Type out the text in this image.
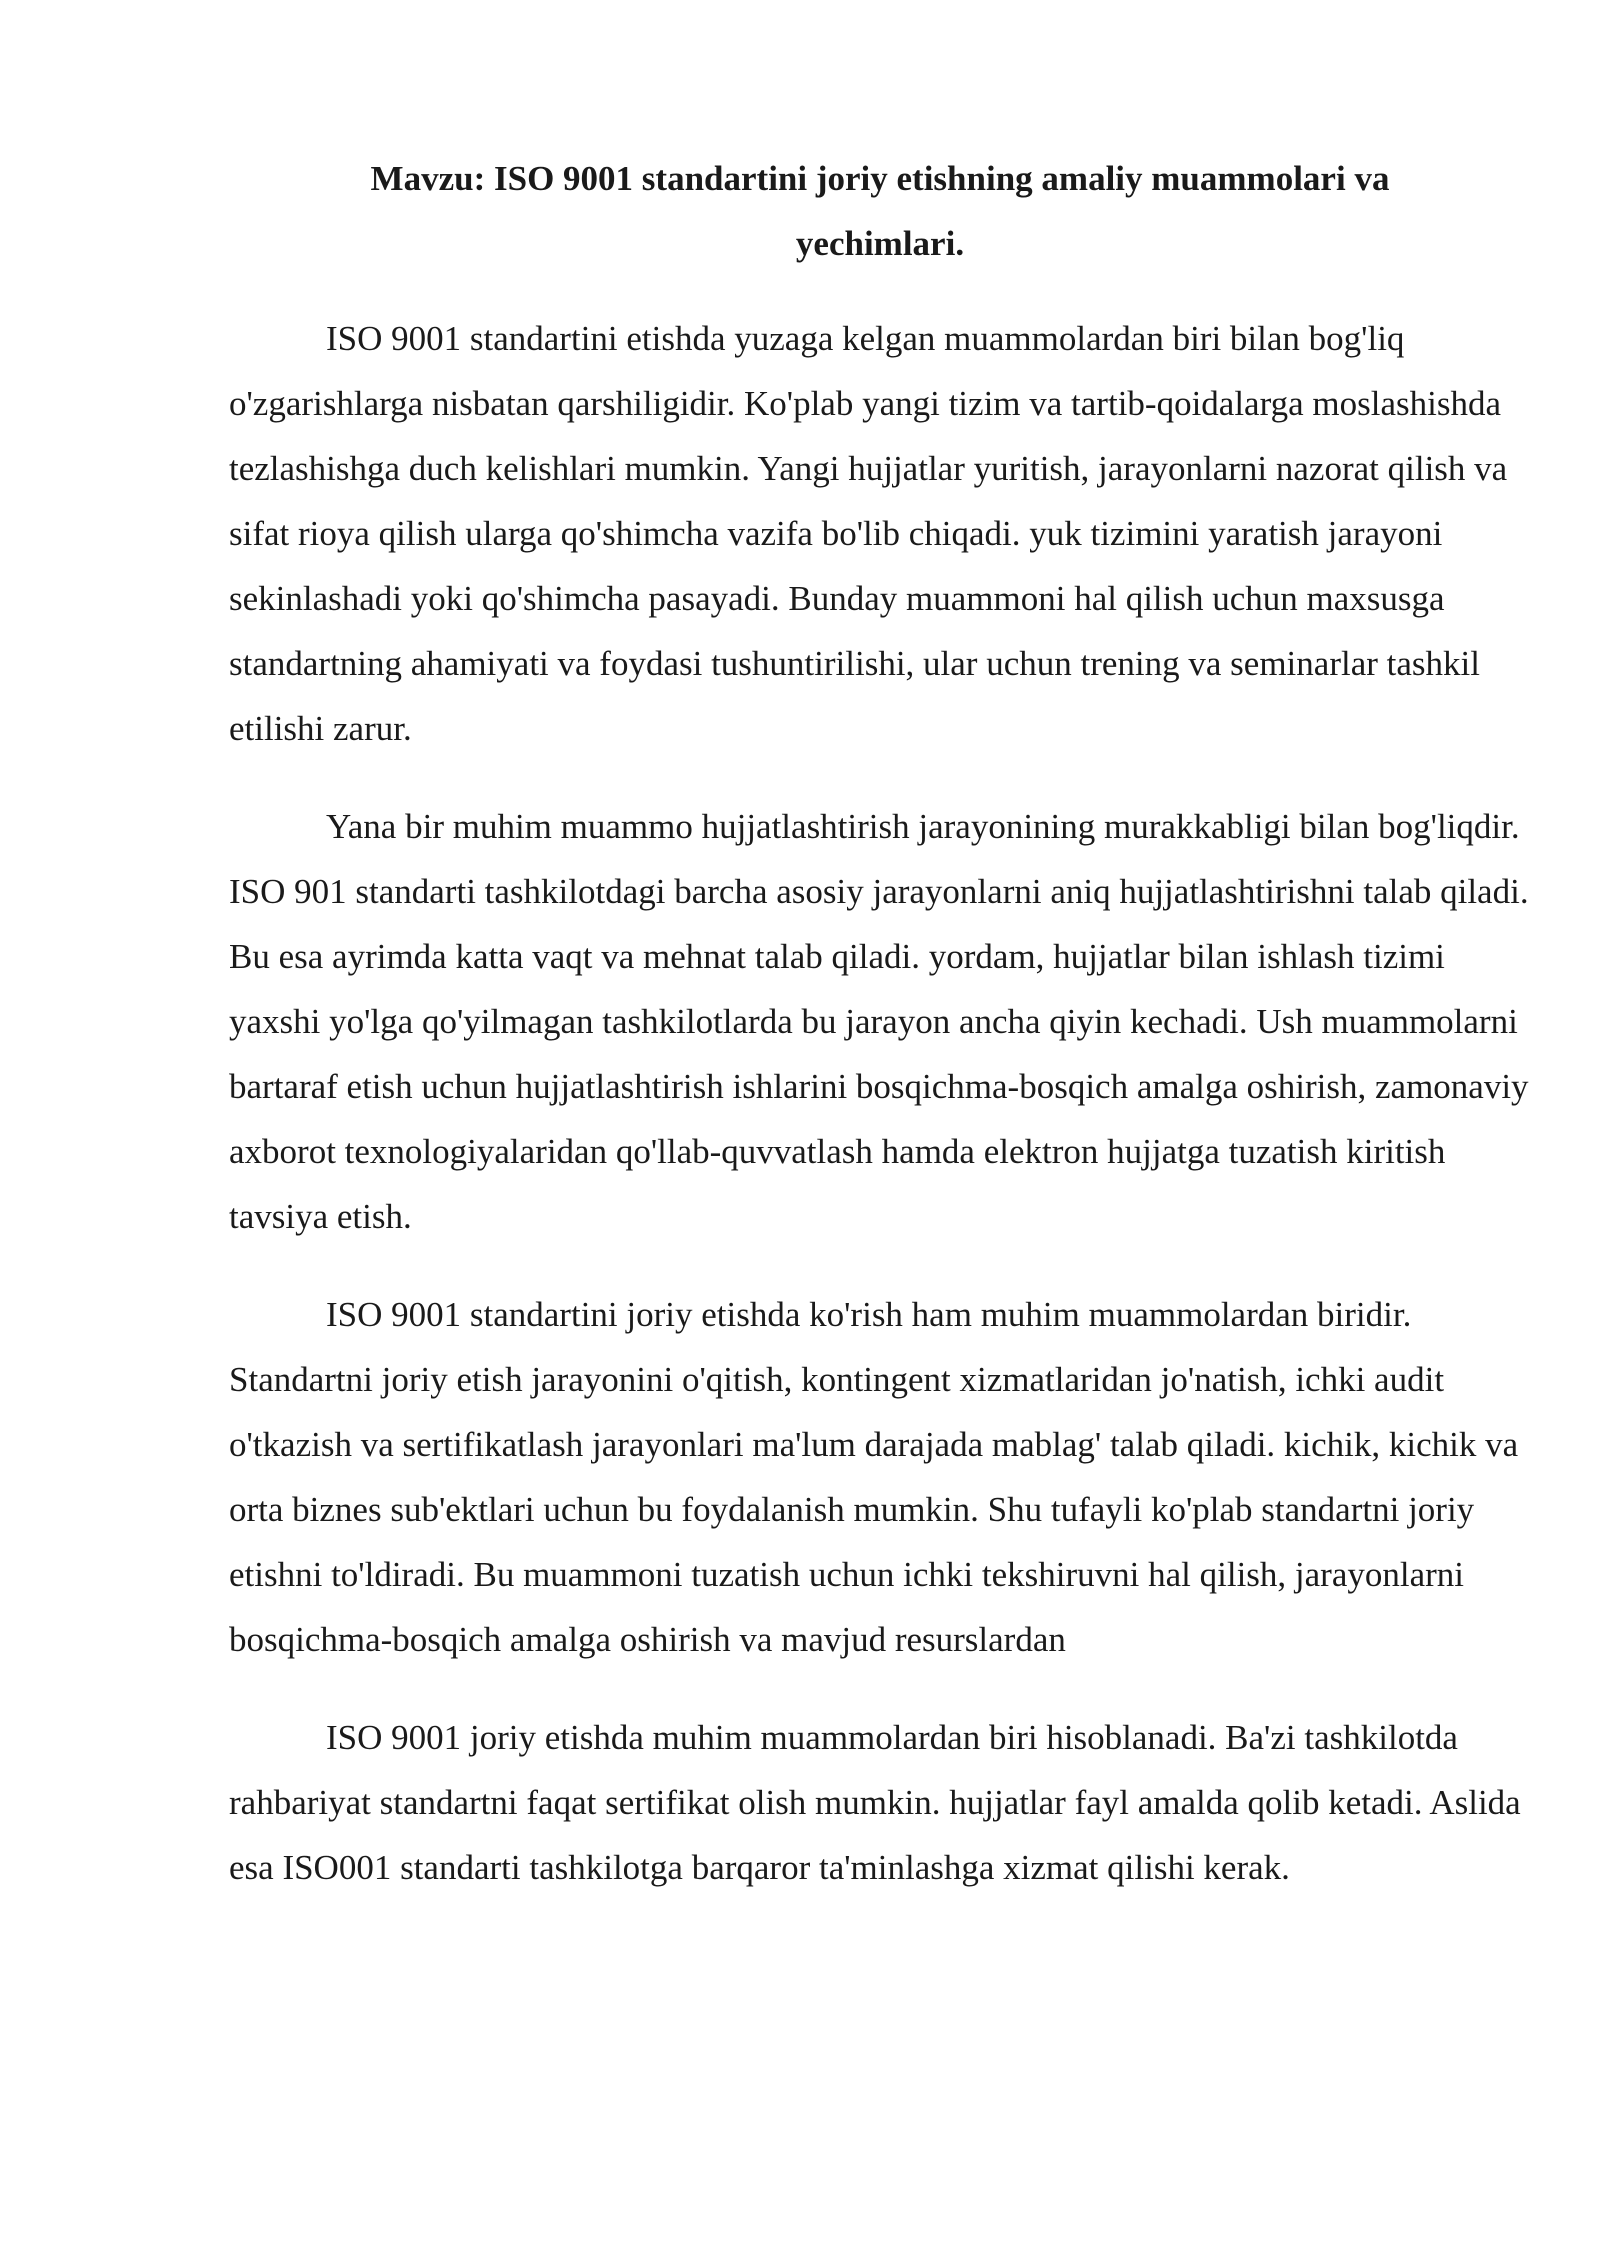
Mavzu: ISO 9001 standartini joriy etishning amaliy muammolari va
yechimlari.

ISO 9001 standartini etishda yuzaga kelgan muammolardan biri bilan bog'liq o'zgarishlarga nisbatan qarshiligidir. Ko'plab yangi tizim va tartib-qoidalarga moslashishda tezlashishga duch kelishlari mumkin. Yangi hujjatlar yuritish, jarayonlarni nazorat qilish va sifat rioya qilish ularga qo'shimcha vazifa bo'lib chiqadi. yuk tizimini yaratish jarayoni sekinlashadi yoki qo'shimcha pasayadi. Bunday muammoni hal qilish uchun maxsusga standartning ahamiyati va foydasi tushuntirilishi, ular uchun trening va seminarlar tashkil etilishi zarur.

Yana bir muhim muammo hujjatlashtirish jarayonining murakkabligi bilan bog'liqdir. ISO 901 standarti tashkilotdagi barcha asosiy jarayonlarni aniq hujjatlashtirishni talab qiladi. Bu esa ayrimda katta vaqt va mehnat talab qiladi. yordam, hujjatlar bilan ishlash tizimi yaxshi yo'lga qo'yilmagan tashkilotlarda bu jarayon ancha qiyin kechadi. Ush muammolarni bartaraf etish uchun hujjatlashtirish ishlarini bosqichma-bosqich amalga oshirish, zamonaviy axborot texnologiyalaridan qo'llab-quvvatlash hamda elektron hujjatga tuzatish kiritish tavsiya etish.

ISO 9001 standartini joriy etishda ko'rish ham muhim muammolardan biridir. Standartni joriy etish jarayonini o'qitish, kontingent xizmatlaridan jo'natish, ichki audit o'tkazish va sertifikatlash jarayonlari ma'lum darajada mablag' talab qiladi. kichik, kichik va orta biznes sub'ektlari uchun bu foydalanish mumkin. Shu tufayli ko'plab standartni joriy etishni to'ldiradi. Bu muammoni tuzatish uchun ichki tekshiruvni hal qilish, jarayonlarni bosqichma-bosqich amalga oshirish va mavjud resurslardan

ISO 9001 joriy etishda muhim muammolardan biri hisoblanadi. Ba'zi tashkilotda rahbariyat standartni faqat sertifikat olish mumkin. hujjatlar fayl amalda qolib ketadi. Aslida esa ISO001 standarti tashkilotga barqaror ta'minlashga xizmat qilishi kerak.
